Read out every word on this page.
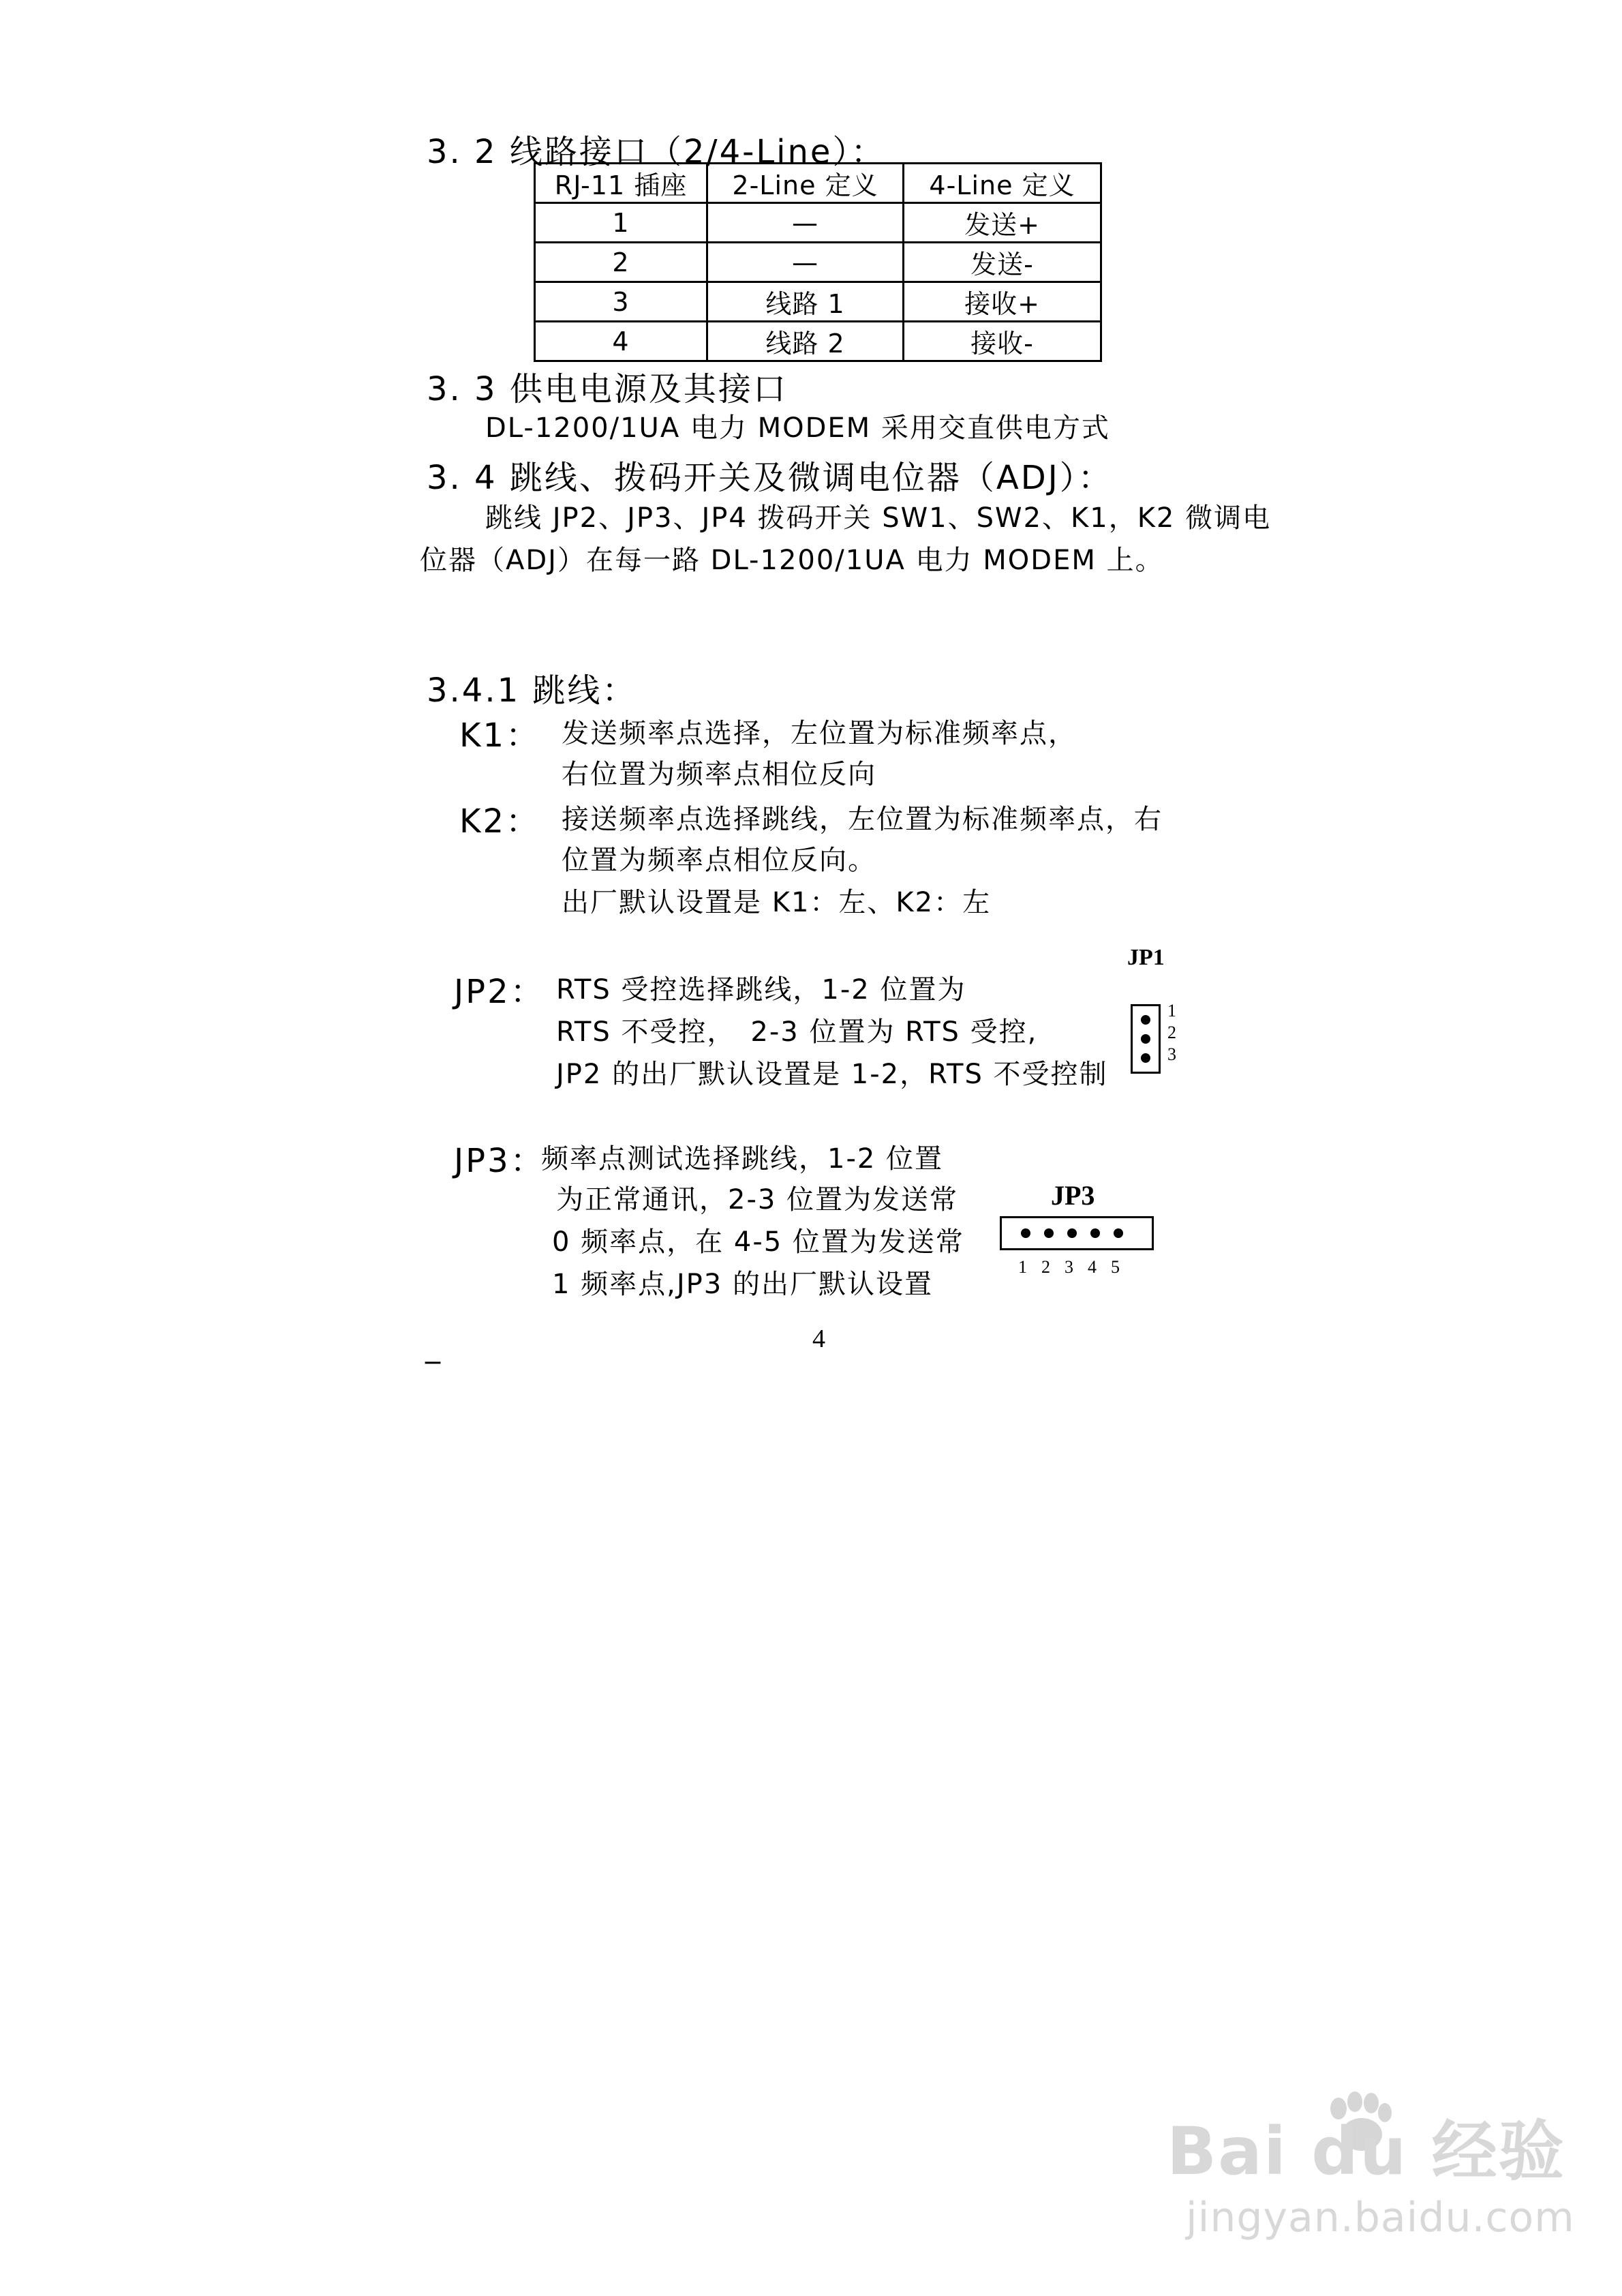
3. 2 线路接口（2/4-Line）：
RJ-11 插座	2-Line 定义	4-Line 定义
1	—	发送+
2	—	发送-
3	线路 1	接收+
4	线路 2	接收-
3. 3 供电电源及其接口
DL-1200/1UA 电力 MODEM 采用交直供电方式
3. 4 跳线、拨码开关及微调电位器（ADJ）：
跳线 JP2、JP3、JP4 拨码开关 SW1、SW2、K1，K2 微调电
位器（ADJ）在每一路 DL-1200/1UA 电力 MODEM 上。
3.4.1 跳线：
K1： 发送频率点选择，左位置为标准频率点，
右位置为频率点相位反向
K2： 接送频率点选择跳线，左位置为标准频率点，右
位置为频率点相位反向。
出厂默认设置是 K1：左、K2：左
JP2： RTS 受控选择跳线，1-2 位置为
RTS 不受控，　2-3 位置为 RTS 受控,
JP2 的出厂默认设置是 1-2，RTS 不受控制
JP1
1
2
3
JP3：
频率点测试选择跳线，1-2 位置
为正常通讯，2-3 位置为发送常
0 频率点，在 4-5 位置为发送常
1 频率点,JP3 的出厂默认设置
JP3
1 2 3 4 5
4
_
Bai du 经验
jingyan.baidu.com
